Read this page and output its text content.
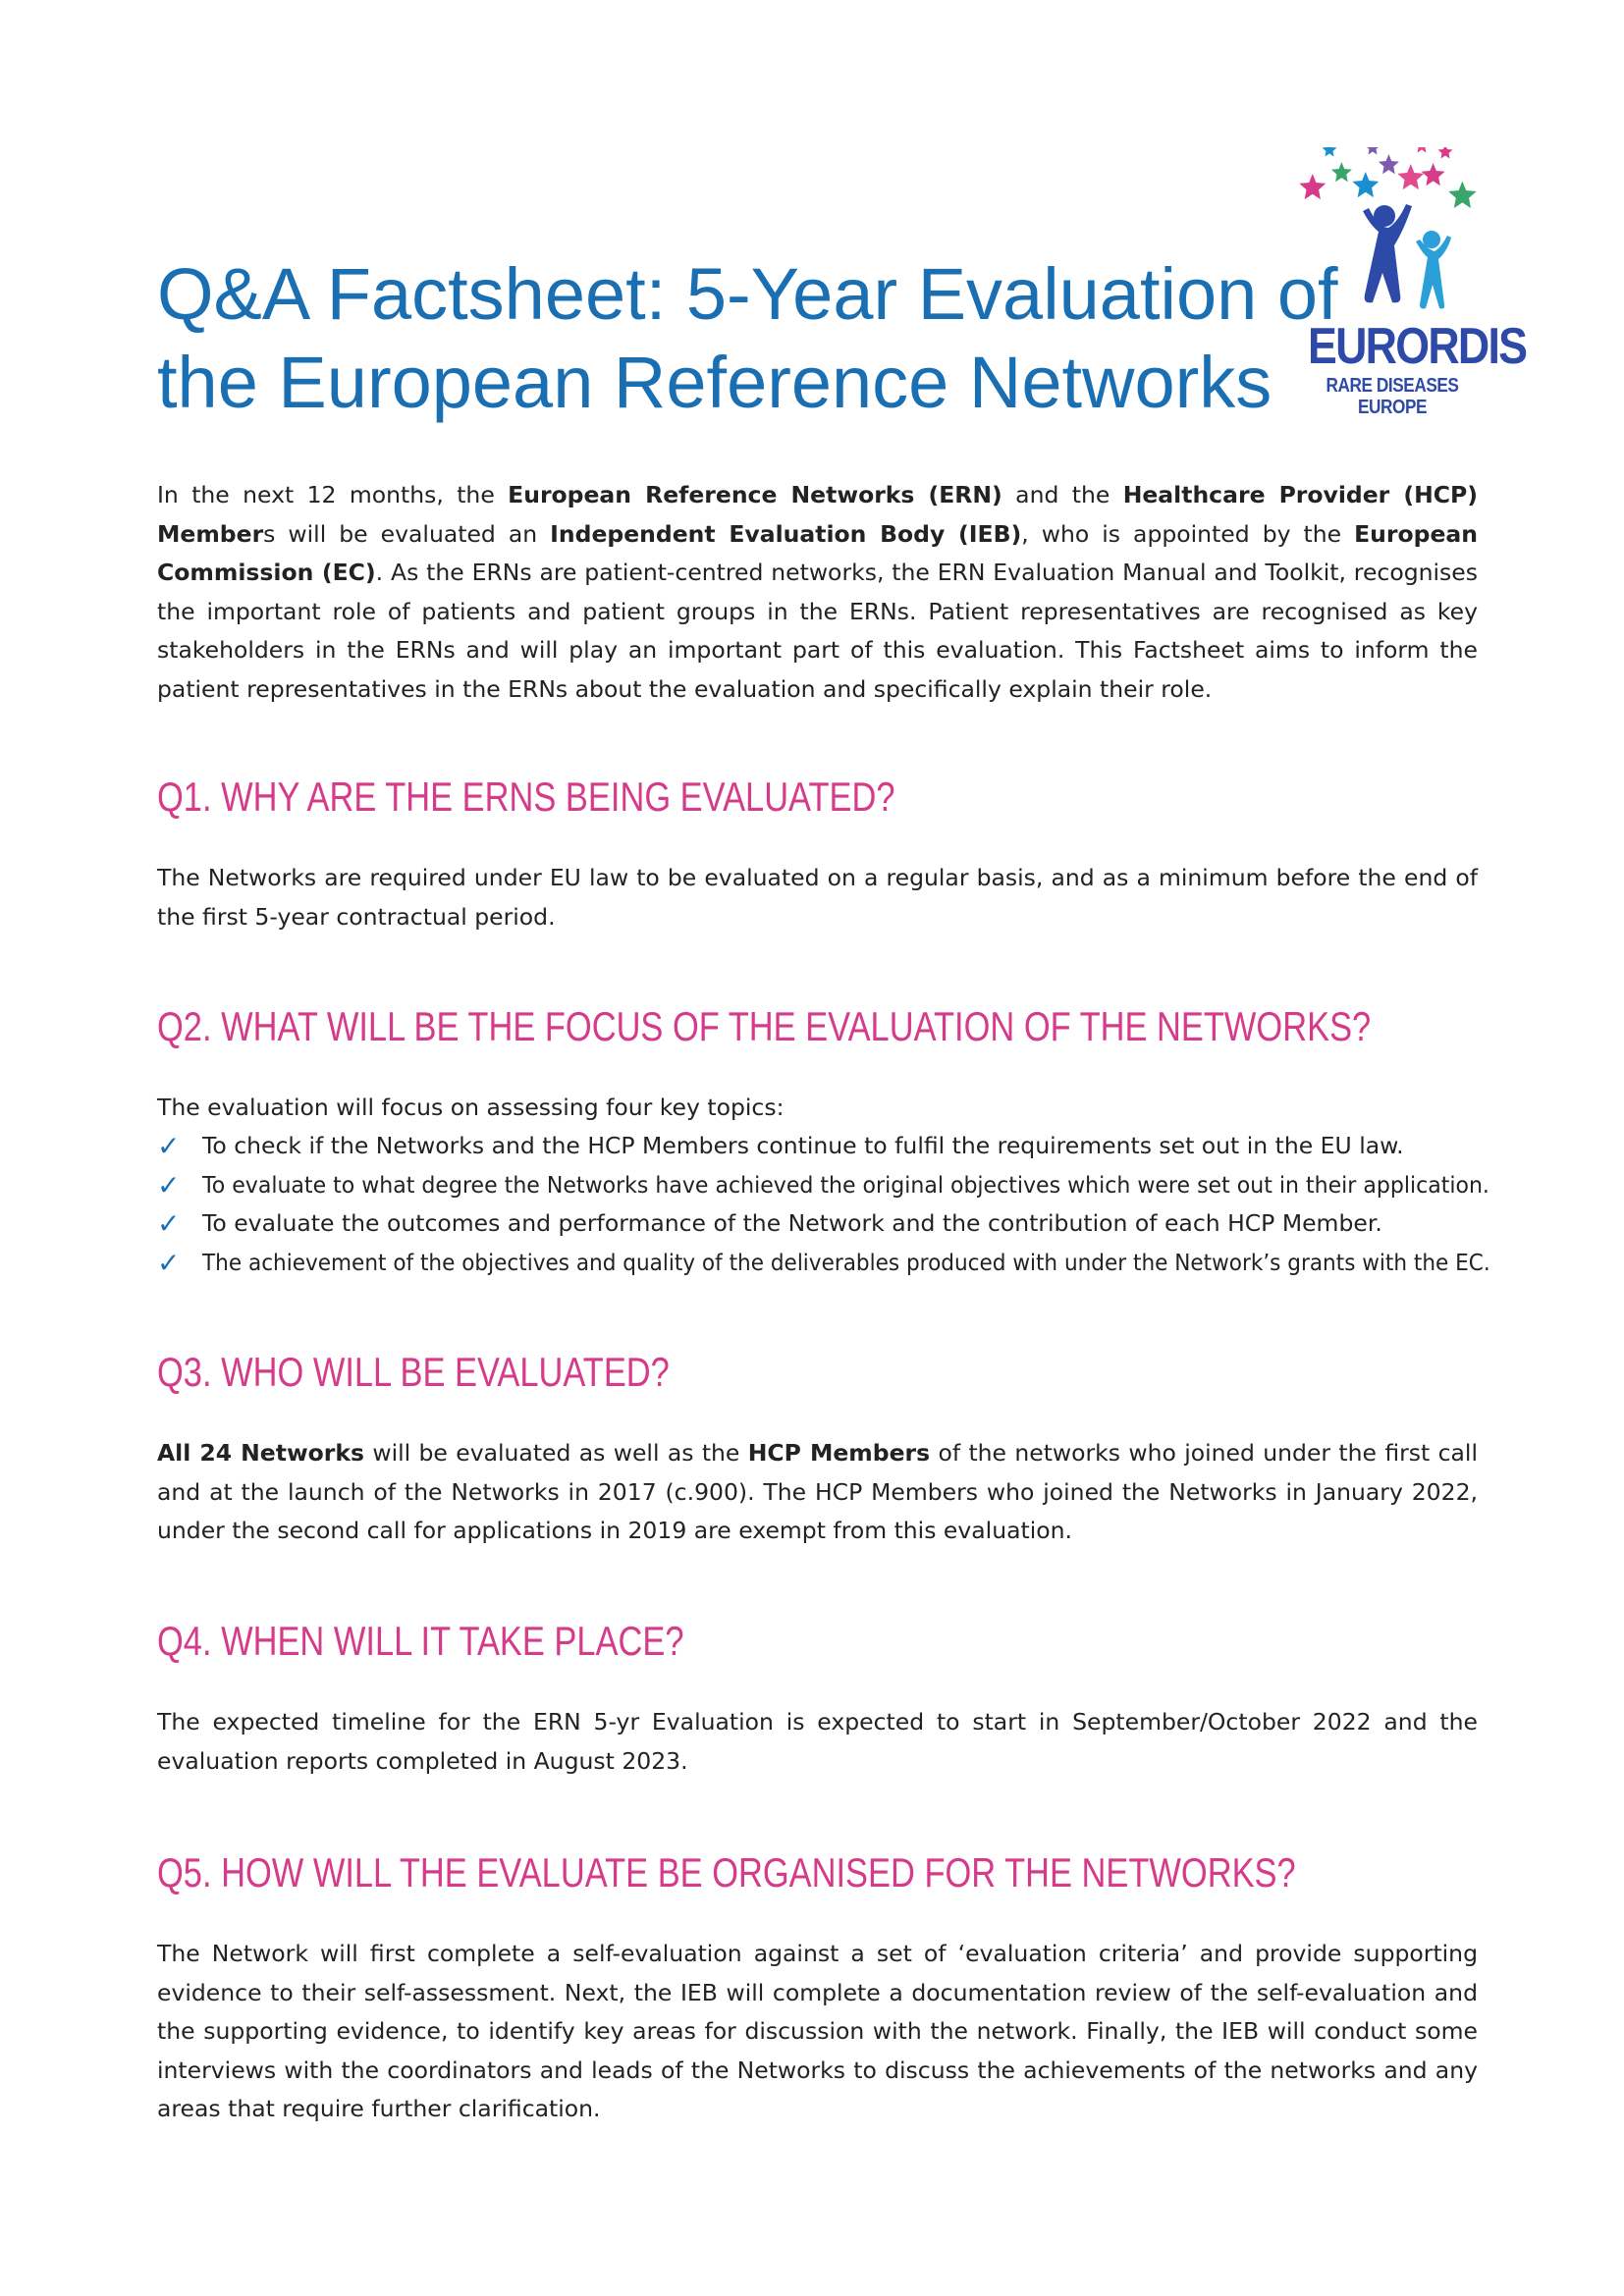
Q&A Factsheet: 5-Year Evaluation of
the European Reference Networks EURORDIS
RARE DISEASES EUROPE
In the next 12 months, the European Reference Networks (ERN) and the Healthcare Provider (HCP) Members will be evaluated an Independent Evaluation Body (IEB), who is appointed by the European Commission (EC). As the ERNs are patient-centred networks, the ERN Evaluation Manual and Toolkit, recognises the important role of patients and patient groups in the ERNs. Patient representatives are recognised as key stakeholders in the ERNs and will play an important part of this evaluation. This Factsheet aims to inform the patient representatives in the ERNs about the evaluation and specifically explain their role.
Q1. WHY ARE THE ERNS BEING EVALUATED?
The Networks are required under EU law to be evaluated on a regular basis, and as a minimum before the end of the first 5-year contractual period.
Q2. WHAT WILL BE THE FOCUS OF THE EVALUATION OF THE NETWORKS?
The evaluation will focus on assessing four key topics:
✓ To check if the Networks and the HCP Members continue to fulfil the requirements set out in the EU law.
✓ To evaluate to what degree the Networks have achieved the original objectives which were set out in their application.
✓ To evaluate the outcomes and performance of the Network and the contribution of each HCP Member.
✓ The achievement of the objectives and quality of the deliverables produced with under the Network’s grants with the EC.
Q3. WHO WILL BE EVALUATED?
All 24 Networks will be evaluated as well as the HCP Members of the networks who joined under the first call and at the launch of the Networks in 2017 (c.900). The HCP Members who joined the Networks in January 2022, under the second call for applications in 2019 are exempt from this evaluation.
Q4. WHEN WILL IT TAKE PLACE?
The expected timeline for the ERN 5-yr Evaluation is expected to start in September/October 2022 and the evaluation reports completed in August 2023.
Q5. HOW WILL THE EVALUATE BE ORGANISED FOR THE NETWORKS?
The Network will first complete a self-evaluation against a set of ‘evaluation criteria’ and provide supporting evidence to their self-assessment. Next, the IEB will complete a documentation review of the self-evaluation and the supporting evidence, to identify key areas for discussion with the network. Finally, the IEB will conduct some interviews with the coordinators and leads of the Networks to discuss the achievements of the networks and any areas that require further clarification.
